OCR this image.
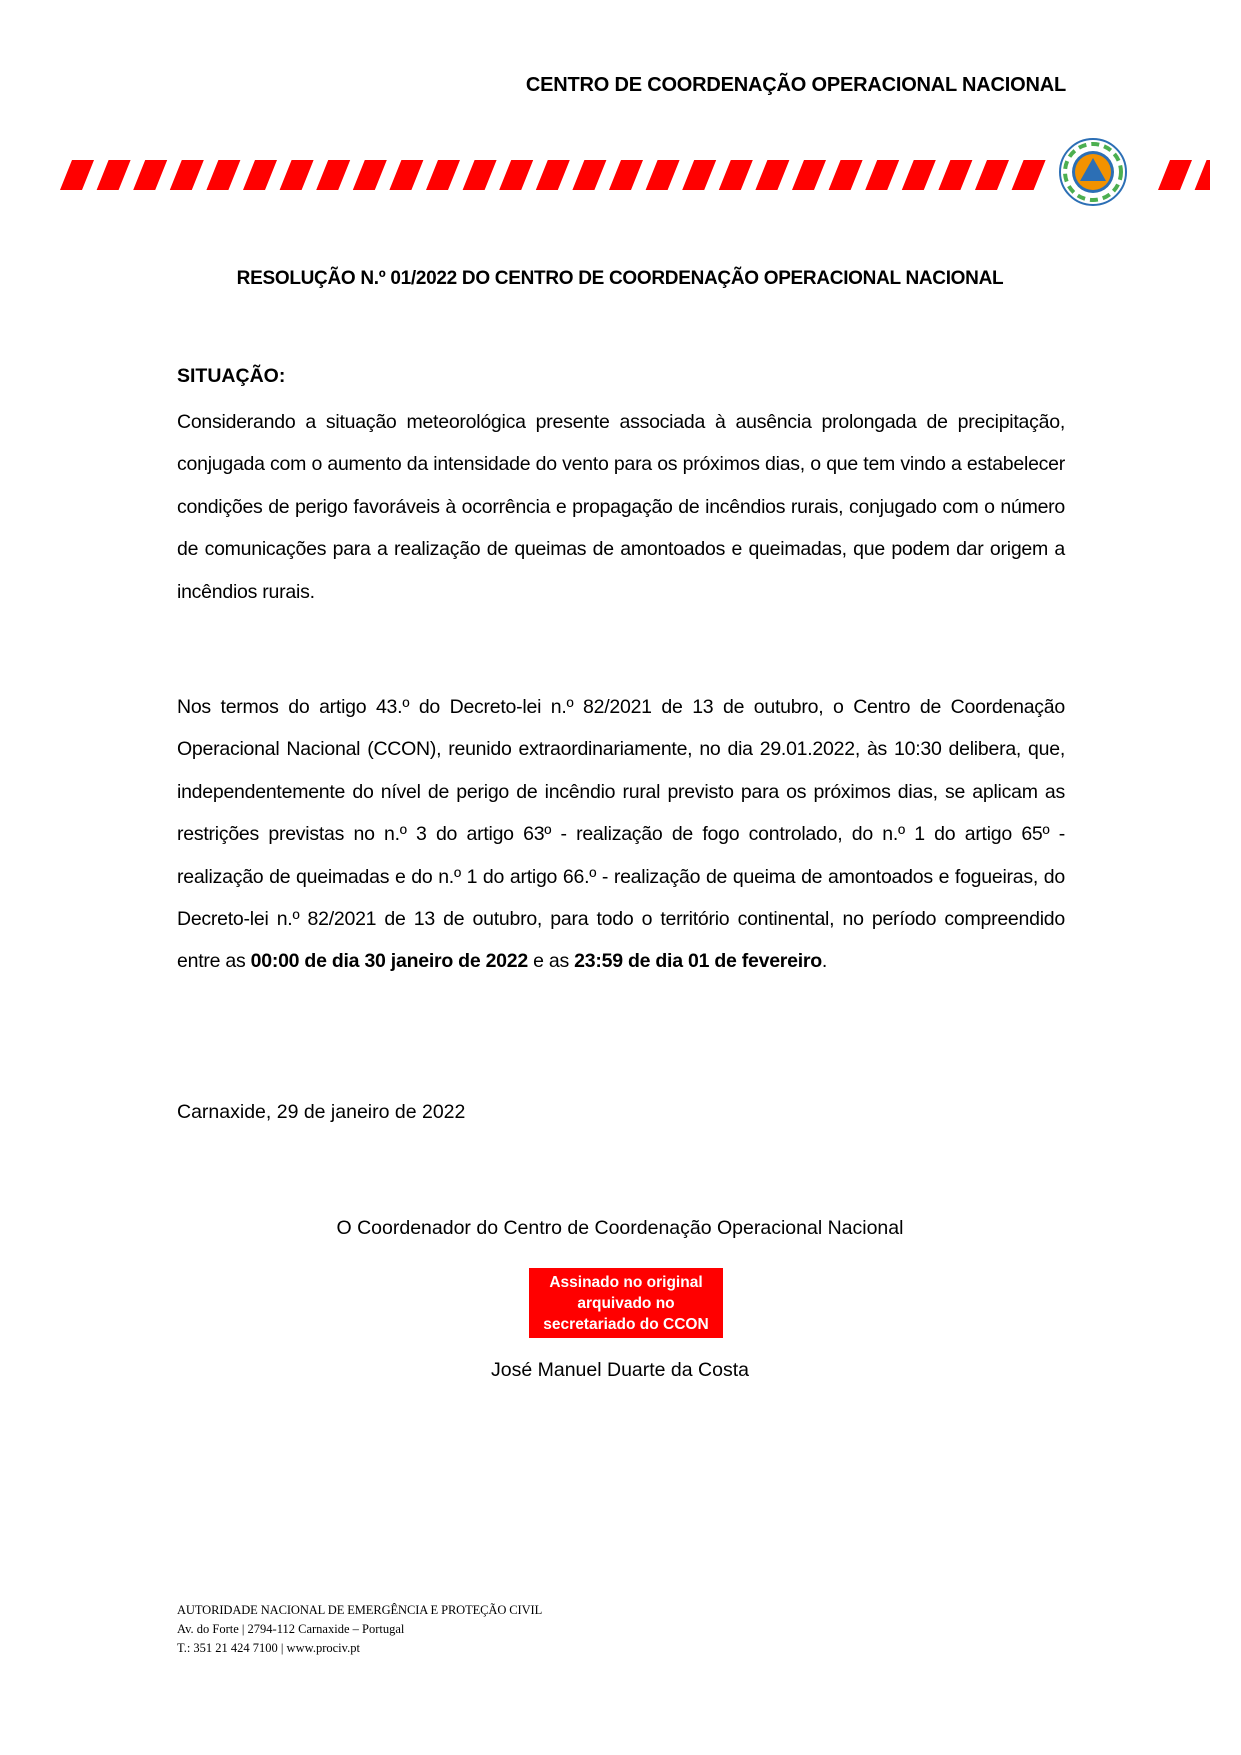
CENTRO DE COORDENAÇÃO OPERACIONAL NACIONAL
RESOLUÇÃO N.º 01/2022 DO CENTRO DE COORDENAÇÃO OPERACIONAL NACIONAL
SITUAÇÃO:
Considerando a situação meteorológica presente associada à ausência prolongada de precipitação, conjugada com o aumento da intensidade do vento para os próximos dias, o que tem vindo a estabelecer condições de perigo favoráveis à ocorrência e propagação de incêndios rurais, conjugado com o número de comunicações para a realização de queimas de amontoados e queimadas, que podem dar origem a incêndios rurais.
Nos termos do artigo 43.º do Decreto-lei n.º 82/2021 de 13 de outubro, o Centro de Coordenação Operacional Nacional (CCON), reunido extraordinariamente, no dia 29.01.2022, às 10:30 delibera, que, independentemente do nível de perigo de incêndio rural previsto para os próximos dias, se aplicam as restrições previstas no n.º 3 do artigo 63º - realização de fogo controlado, do n.º 1 do artigo 65º - realização de queimadas e do n.º 1 do artigo 66.º - realização de queima de amontoados e fogueiras, do Decreto-lei n.º 82/2021 de 13 de outubro, para todo o território continental, no período compreendido entre as 00:00 de dia 30 janeiro de 2022 e as 23:59 de dia 01 de fevereiro.
Carnaxide, 29 de janeiro de 2022
O Coordenador do Centro de Coordenação Operacional Nacional
Assinado no original
arquivado no
secretariado do CCON
José Manuel Duarte da Costa
AUTORIDADE NACIONAL DE EMERGÊNCIA E PROTEÇÃO CIVIL
Av. do Forte | 2794-112 Carnaxide – Portugal
T.: 351 21 424 7100 | www.prociv.pt
